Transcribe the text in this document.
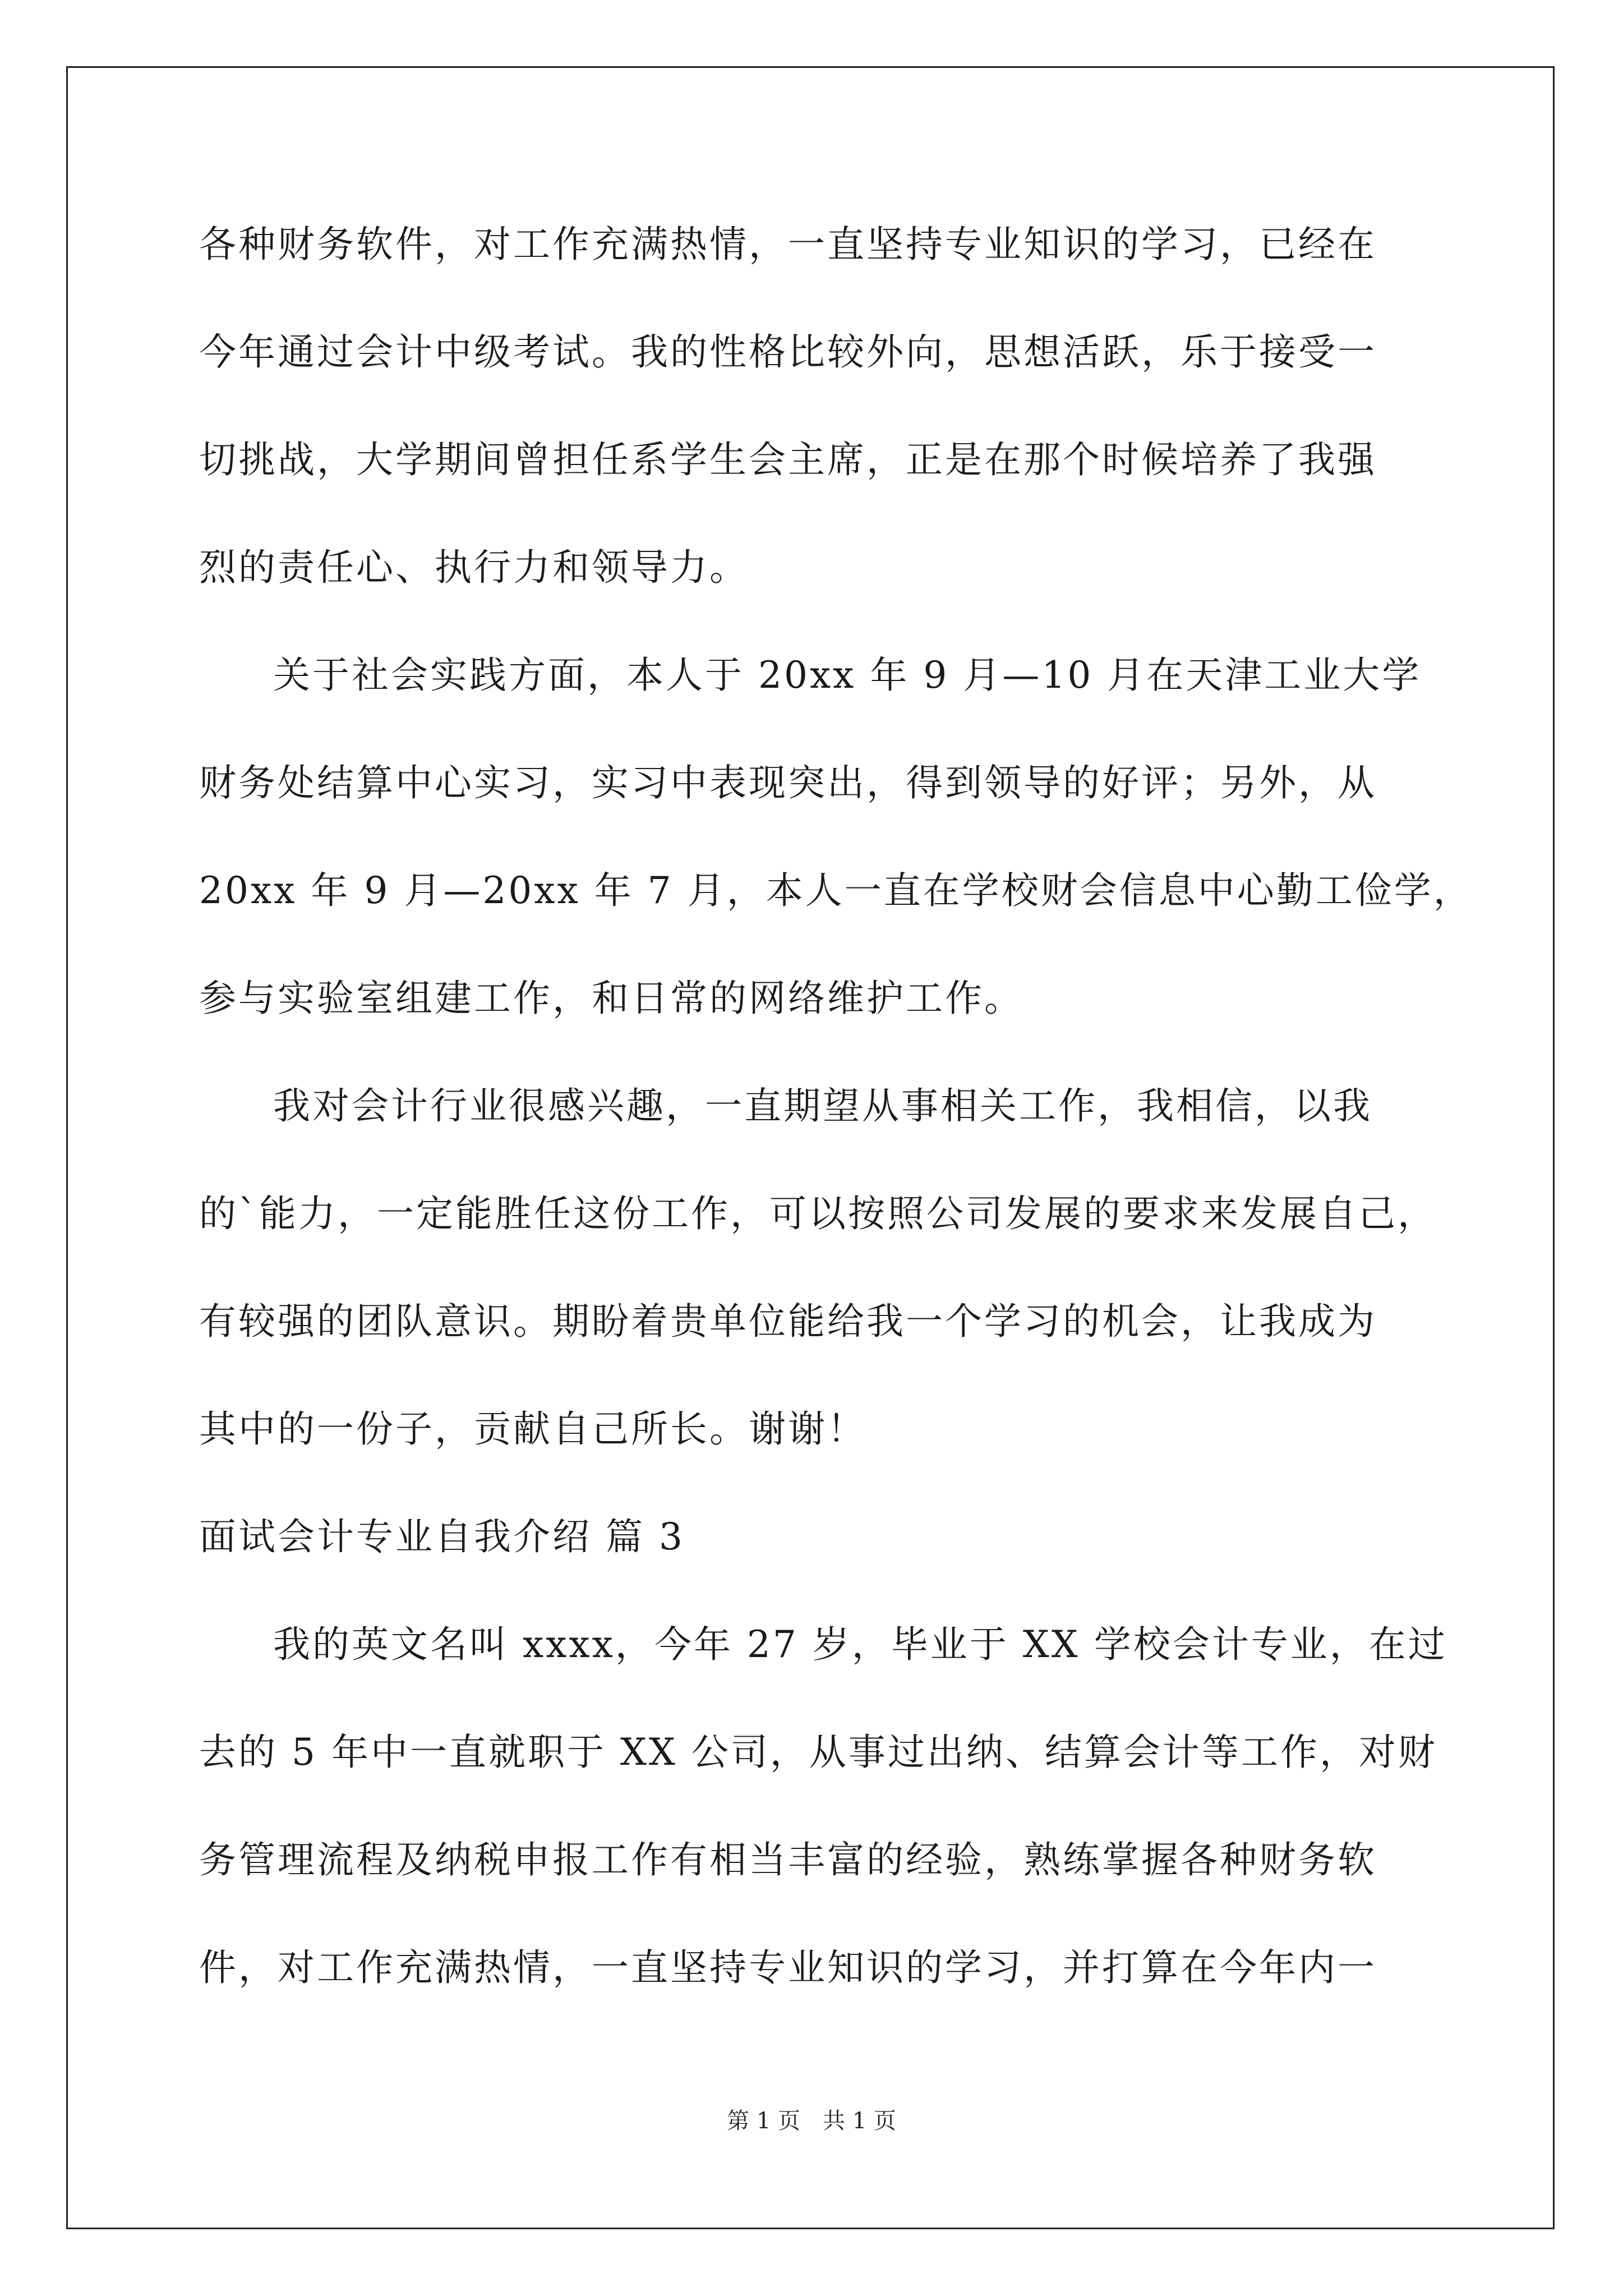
各种财务软件，对工作充满热情，一直坚持专业知识的学习，已经在
今年通过会计中级考试。我的性格比较外向，思想活跃，乐于接受一
切挑战，大学期间曾担任系学生会主席，正是在那个时候培养了我强
烈的责任心、执行力和领导力。
关于社会实践方面，本人于 20xx 年 9 月—10 月在天津工业大学
财务处结算中心实习，实习中表现突出，得到领导的好评；另外，从
20xx 年 9 月—20xx 年 7 月，本人一直在学校财会信息中心勤工俭学，
参与实验室组建工作，和日常的网络维护工作。
我对会计行业很感兴趣，一直期望从事相关工作，我相信，以我
的`能力，一定能胜任这份工作，可以按照公司发展的要求来发展自己，
有较强的团队意识。期盼着贵单位能给我一个学习的机会，让我成为
其中的一份子，贡献自己所长。谢谢！
面试会计专业自我介绍 篇 3
我的英文名叫 xxxx，今年 27 岁，毕业于 XX 学校会计专业，在过
去的 5 年中一直就职于 XX 公司，从事过出纳、结算会计等工作，对财
务管理流程及纳税申报工作有相当丰富的经验，熟练掌握各种财务软
件，对工作充满热情，一直坚持专业知识的学习，并打算在今年内一
第 1 页　共 1 页
